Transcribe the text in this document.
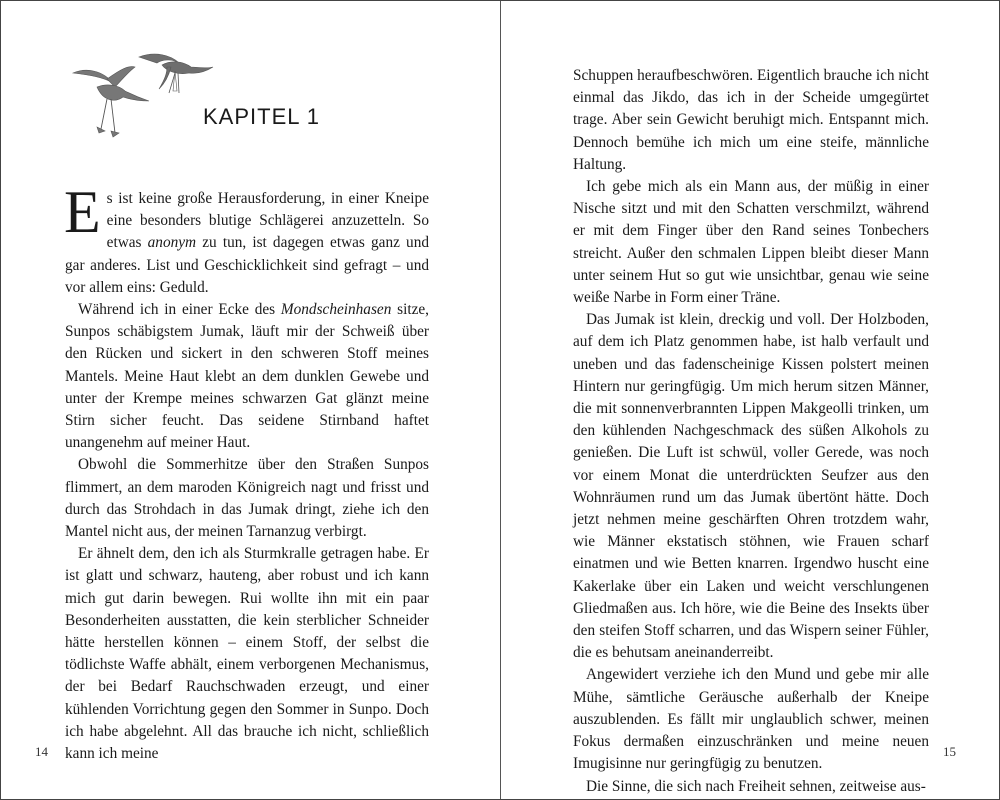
KAPITEL 1

Es ist keine große Herausforderung, in einer Kneipe eine besonders blutige Schlägerei anzuzetteln. So etwas anonym zu tun, ist dagegen etwas ganz und gar anderes. List und Geschicklichkeit sind gefragt – und vor allem eins: Geduld.

Während ich in einer Ecke des Mondscheinhasen sitze, Sunpos schäbigstem Jumak, läuft mir der Schweiß über den Rücken und sickert in den schweren Stoff meines Mantels. Meine Haut klebt an dem dunklen Gewebe und unter der Krempe meines schwarzen Gat glänzt meine Stirn sicher feucht. Das seidene Stirnband haftet unangenehm auf meiner Haut.

Obwohl die Sommerhitze über den Straßen Sunpos flimmert, an dem maroden Königreich nagt und frisst und durch das Strohdach in das Jumak dringt, ziehe ich den Mantel nicht aus, der meinen Tarnanzug verbirgt.

Er ähnelt dem, den ich als Sturmkralle getragen habe. Er ist glatt und schwarz, hauteng, aber robust und ich kann mich gut darin bewegen. Rui wollte ihn mit ein paar Besonderheiten ausstatten, die kein sterblicher Schneider hätte herstellen können – einem Stoff, der selbst die tödlichste Waffe abhält, einem verborgenen Mechanismus, der bei Bedarf Rauchschwaden erzeugt, und einer kühlenden Vorrichtung gegen den Sommer in Sunpo. Doch ich habe abgelehnt. All das brauche ich nicht, schließlich kann ich meine

14

Schuppen heraufbeschwören. Eigentlich brauche ich nicht einmal das Jikdo, das ich in der Scheide umgegürtet trage. Aber sein Gewicht beruhigt mich. Entspannt mich. Dennoch bemühe ich mich um eine steife, männliche Haltung.

Ich gebe mich als ein Mann aus, der müßig in einer Nische sitzt und mit den Schatten verschmilzt, während er mit dem Finger über den Rand seines Tonbechers streicht. Außer den schmalen Lippen bleibt dieser Mann unter seinem Hut so gut wie unsichtbar, genau wie seine weiße Narbe in Form einer Träne.

Das Jumak ist klein, dreckig und voll. Der Holzboden, auf dem ich Platz genommen habe, ist halb verfault und uneben und das fadenscheinige Kissen polstert meinen Hintern nur geringfügig. Um mich herum sitzen Männer, die mit sonnenverbrannten Lippen Makgeolli trinken, um den kühlenden Nachgeschmack des süßen Alkohols zu genießen. Die Luft ist schwül, voller Gerede, was noch vor einem Monat die unterdrückten Seufzer aus den Wohnräumen rund um das Jumak übertönt hätte. Doch jetzt nehmen meine geschärften Ohren trotzdem wahr, wie Männer ekstatisch stöhnen, wie Frauen scharf einatmen und wie Betten knarren. Irgendwo huscht eine Kakerlake über ein Laken und weicht verschlungenen Gliedmaßen aus. Ich höre, wie die Beine des Insekts über den steifen Stoff scharren, und das Wispern seiner Fühler, die es behutsam aneinanderreibt.

Angewidert verziehe ich den Mund und gebe mir alle Mühe, sämtliche Geräusche außerhalb der Kneipe auszublenden. Es fällt mir unglaublich schwer, meinen Fokus dermaßen einzuschränken und meine neuen Imugisinne nur geringfügig zu benutzen.

Die Sinne, die sich nach Freiheit sehnen, zeitweise aus-

15
